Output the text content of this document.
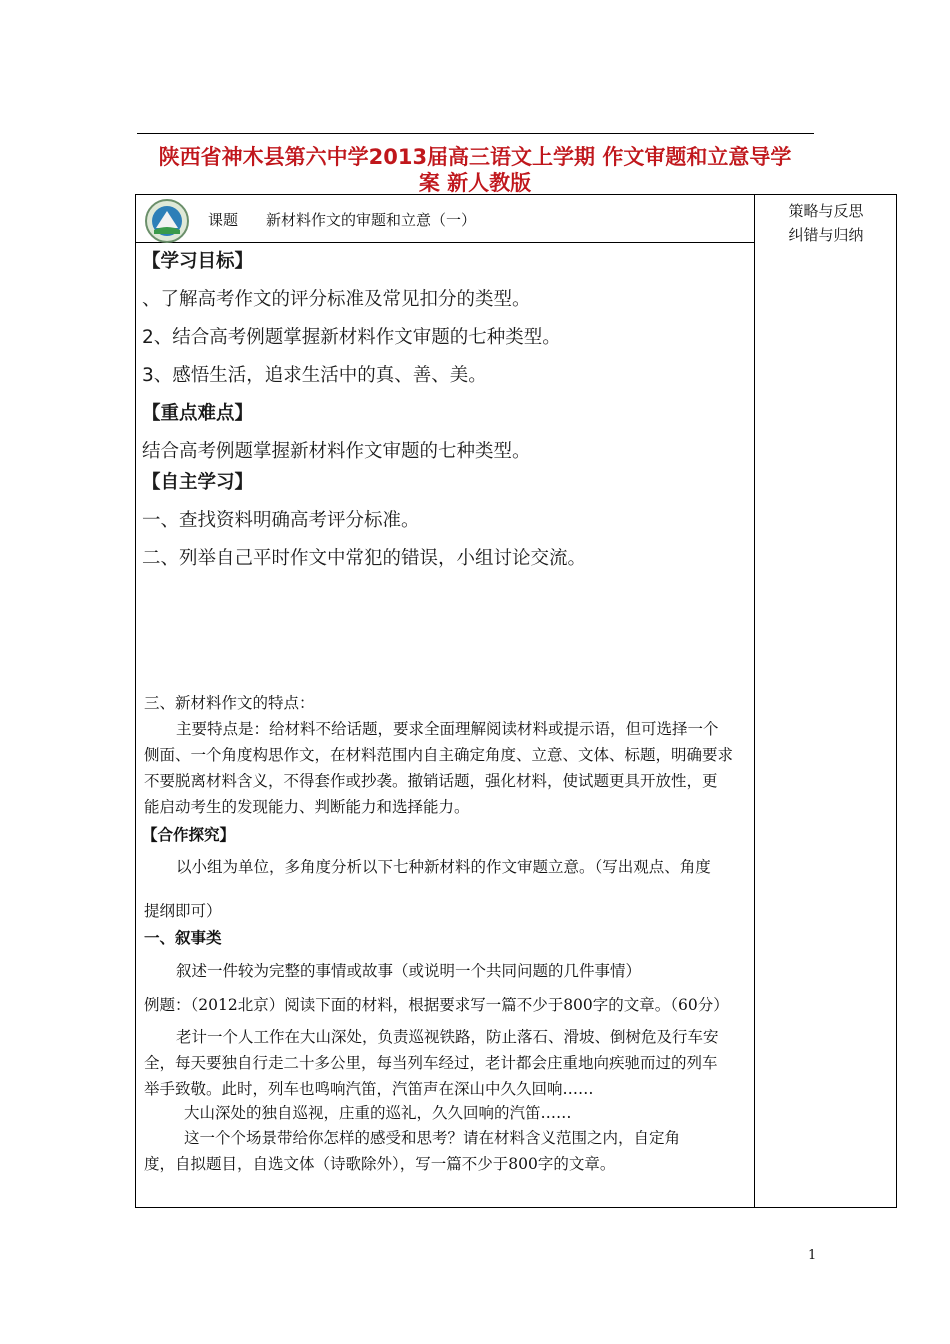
陕西省神木县第六中学2013届高三语文上学期 作文审题和立意导学
案 新人教版
课题 新材料作文的审题和立意（一）	策略与反思
纠错与归纳
【学习目标】
、了解高考作文的评分标准及常见扣分的类型。
2、结合高考例题掌握新材料作文审题的七种类型。
3、感悟生活，追求生活中的真、善、美。
【重点难点】
结合高考例题掌握新材料作文审题的七种类型。
【自主学习】
一、查找资料明确高考评分标准。
二、列举自己平时作文中常犯的错误，小组讨论交流。
三、新材料作文的特点：
主要特点是：给材料不给话题，要求全面理解阅读材料或提示语，但可选择一个
侧面、一个角度构思作文，在材料范围内自主确定角度、立意、文体、标题，明确要求
不要脱离材料含义，不得套作或抄袭。撤销话题，强化材料，使试题更具开放性，更
能启动考生的发现能力、判断能力和选择能力。
【合作探究】
以小组为单位，多角度分析以下七种新材料的作文审题立意。（写出观点、角度
提纲即可）
一、叙事类
叙述一件较为完整的事情或故事（或说明一个共同问题的几件事情）
例题：（2012北京）阅读下面的材料，根据要求写一篇不少于800字的文章。（60分）
老计一个人工作在大山深处，负责巡视铁路，防止落石、滑坡、倒树危及行车安
全，每天要独自行走二十多公里，每当列车经过，老计都会庄重地向疾驰而过的列车
举手致敬。此时，列车也鸣响汽笛，汽笛声在深山中久久回响……
大山深处的独自巡视，庄重的巡礼，久久回响的汽笛……
这一个个场景带给你怎样的感受和思考？请在材料含义范围之内，自定角
度，自拟题目，自选文体（诗歌除外），写一篇不少于800字的文章。
1
